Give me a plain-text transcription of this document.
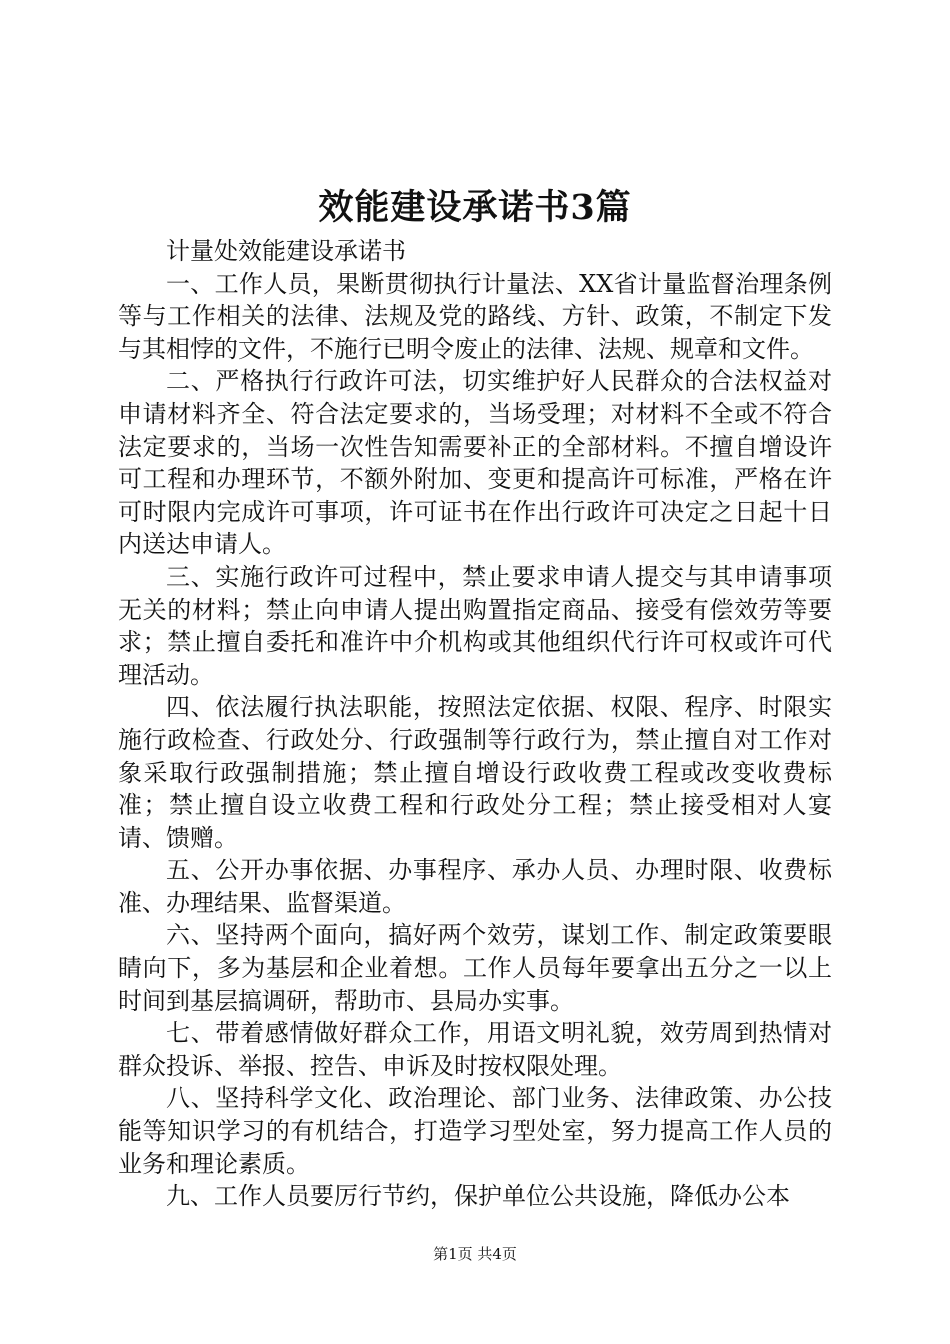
效能建设承诺书3篇

计量处效能建设承诺书

一、工作人员，果断贯彻执行计量法、XX省计量监督治理条例等与工作相关的法律、法规及党的路线、方针、政策，不制定下发与其相悖的文件，不施行已明令废止的法律、法规、规章和文件。

二、严格执行行政许可法，切实维护好人民群众的合法权益对申请材料齐全、符合法定要求的，当场受理；对材料不全或不符合法定要求的，当场一次性告知需要补正的全部材料。不擅自增设许可工程和办理环节，不额外附加、变更和提高许可标准，严格在许可时限内完成许可事项，许可证书在作出行政许可决定之日起十日内送达申请人。

三、实施行政许可过程中，禁止要求申请人提交与其申请事项无关的材料；禁止向申请人提出购置指定商品、接受有偿效劳等要求；禁止擅自委托和准许中介机构或其他组织代行许可权或许可代理活动。

四、依法履行执法职能，按照法定依据、权限、程序、时限实施行政检查、行政处分、行政强制等行政行为，禁止擅自对工作对象采取行政强制措施；禁止擅自增设行政收费工程或改变收费标准；禁止擅自设立收费工程和行政处分工程；禁止接受相对人宴请、馈赠。

五、公开办事依据、办事程序、承办人员、办理时限、收费标准、办理结果、监督渠道。

六、坚持两个面向，搞好两个效劳，谋划工作、制定政策要眼睛向下，多为基层和企业着想。工作人员每年要拿出五分之一以上时间到基层搞调研，帮助市、县局办实事。

七、带着感情做好群众工作，用语文明礼貌，效劳周到热情对群众投诉、举报、控告、申诉及时按权限处理。

八、坚持科学文化、政治理论、部门业务、法律政策、办公技能等知识学习的有机结合，打造学习型处室，努力提高工作人员的业务和理论素质。

九、工作人员要厉行节约，保护单位公共设施，降低办公本

第1页 共4页
